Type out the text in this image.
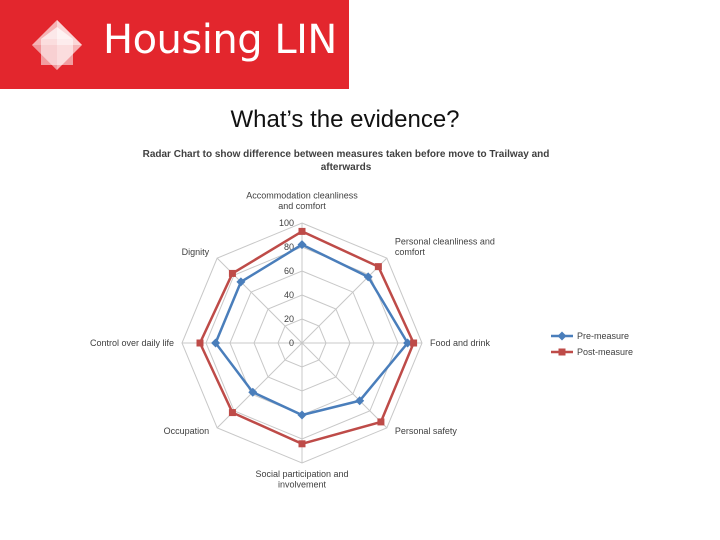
Housing LIN
What’s the evidence?
Radar Chart to show difference between measures taken before move to Trailway and
afterwards
0
20
40
60
80
100
Accommodation cleanliness
and comfort
Personal cleanliness and
comfort
Food and drink
Personal safety
Social participation and
involvement
Occupation
Control over daily life
Dignity
Pre-measure
Post-measure
